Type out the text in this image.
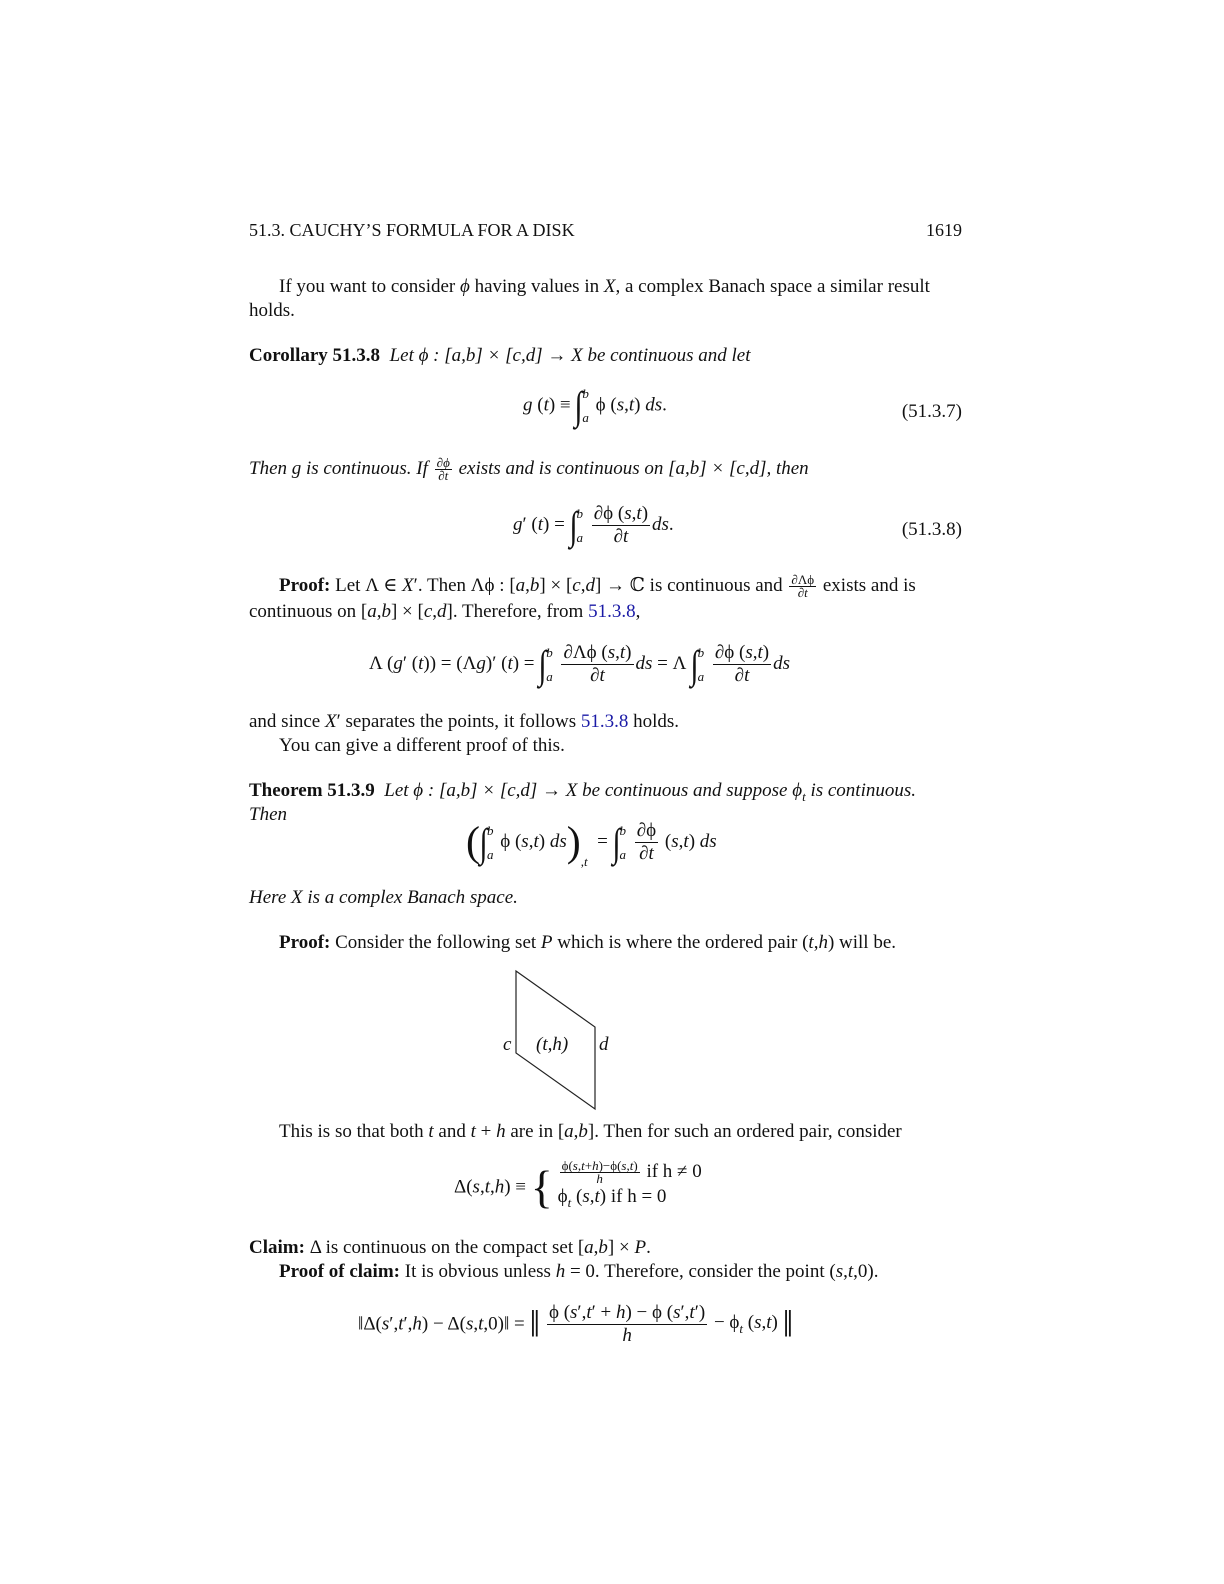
51.3. CAUCHY’S FORMULA FOR A DISK	1619
If you want to consider ϕ having values in X, a complex Banach space a similar result
holds.
Corollary 51.3.8 Let ϕ : [a,b] × [c,d] → X be continuous and let
g (t) ≡ ∫ b
a
ϕ (s,t) ds.	(51.3.7)
Then g is continuous. If $\frac{\partial\phi}{\partial t}$ exists and is continuous on [a,b] × [c,d], then
g′ (t) = ∫ b
a
$\frac{\partial\phi (s,t)}{\partial t}$ ds.	(51.3.8)
Proof: Let Λ ∈ X′. Then Λϕ : [a,b] × [c,d] → ℂ is continuous and $\frac{\partial\Lambda\phi}{\partial t}$ exists and is
continuous on [a,b] × [c,d]. Therefore, from 51.3.8,
Λ (g′ (t)) = (Λg)′ (t) = ∫ b
a
$\frac{\partial\Lambda\phi (s,t)}{\partial t}$ ds = Λ ∫ b
a
$\frac{\partial\phi (s,t)}{\partial t}$ ds
and since X′ separates the points, it follows 51.3.8 holds.
You can give a different proof of this.
Theorem 51.3.9 Let ϕ : [a,b] × [c,d] → X be continuous and suppose $\phi_t$ is continuous.
Then
(∫ b
a
ϕ (s,t) $ds)_{,t}$  = ∫ b
a
$\frac{\partial\phi}{\partial t} (s,t)$ ds
Here X is a complex Banach space.
Proof: Consider the following set P which is where the ordered pair (t,h) will be.
c (t,h) d
This is so that both t and t + h are in [a,b]. Then for such an ordered pair, consider
Δ(s,t,h) ≡ { $\frac{\phi(s,t+h)-\phi(s,t)}{h}$ if h ≠ 0
$\phi_t$ (s,t) if h = 0
Claim: Δ is continuous on the compact set [a,b] × P.
Proof of claim: It is obvious unless h = 0. Therefore, consider the point (s,t,0).
‖Δ(s′,t′,h) − Δ(s,t,0)‖ = ‖ $\frac{\phi (s',t' + h) - \phi (s',t')}{h} - \phi_t$ (s,t) ‖
